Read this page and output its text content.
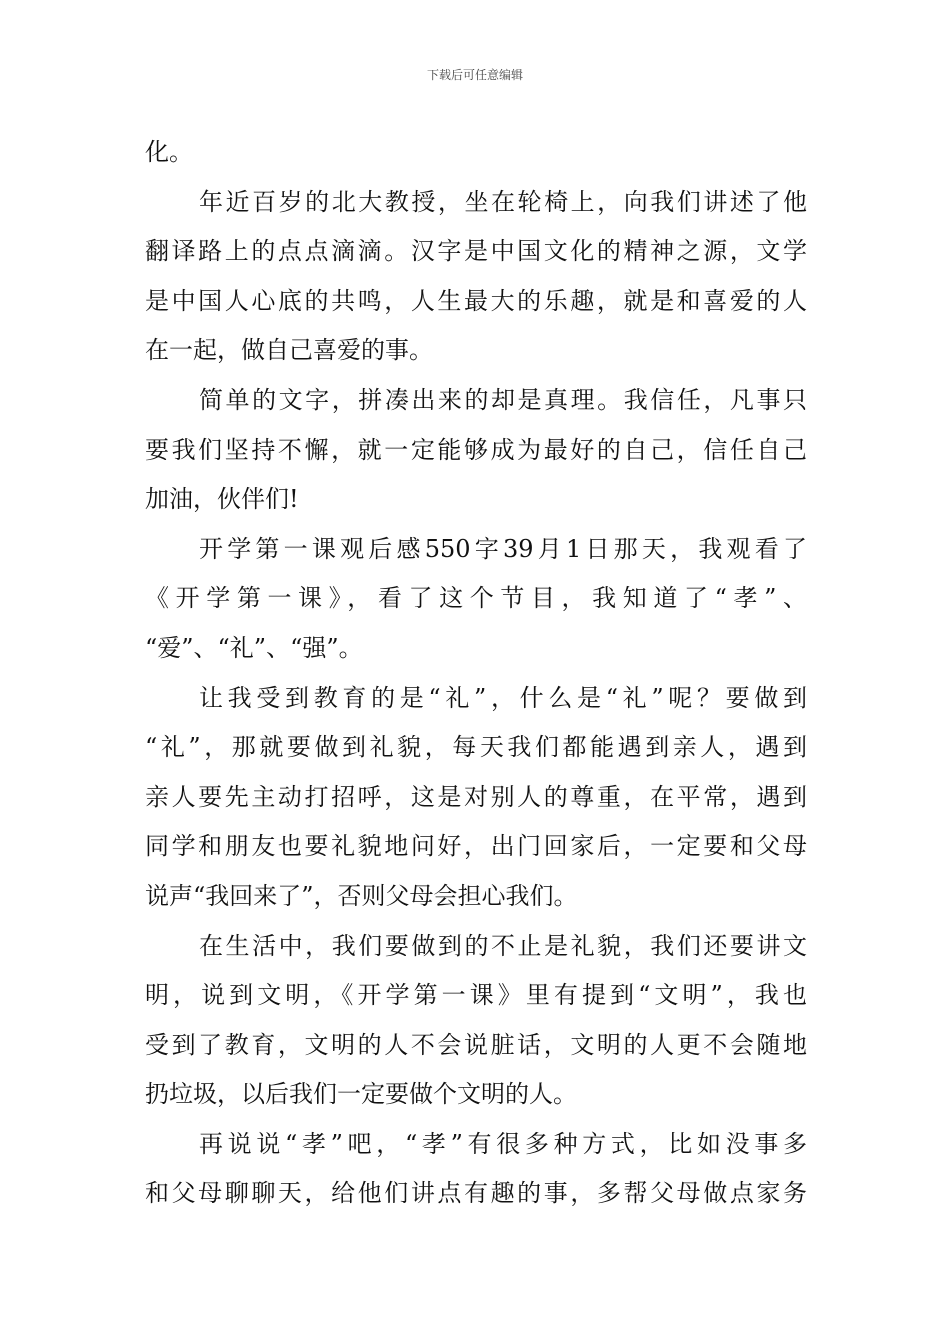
下载后可任意编辑
化。
年近百岁的北大教授，坐在轮椅上，向我们讲述了他
翻译路上的点点滴滴。汉字是中国文化的精神之源，文学
是中国人心底的共鸣，人生最大的乐趣，就是和喜爱的人
在一起，做自己喜爱的事。
简单的文字，拼凑出来的却是真理。我信任，凡事只
要我们坚持不懈，就一定能够成为最好的自己，信任自己
加油，伙伴们!
开学第一课观后感550字39月1日那天，我观看了
《开学第一课》，看了这个节目，我知道了“孝”、
“爱”、“礼”、“强”。
让我受到教育的是“礼”，什么是“礼”呢？要做到
“礼”，那就要做到礼貌，每天我们都能遇到亲人，遇到
亲人要先主动打招呼，这是对别人的尊重，在平常，遇到
同学和朋友也要礼貌地问好，出门回家后，一定要和父母
说声“我回来了”，否则父母会担心我们。
在生活中，我们要做到的不止是礼貌，我们还要讲文
明，说到文明，《开学第一课》里有提到“文明”，我也
受到了教育，文明的人不会说脏话，文明的人更不会随地
扔垃圾，以后我们一定要做个文明的人。
再说说“孝”吧，“孝”有很多种方式，比如没事多
和父母聊聊天，给他们讲点有趣的事，多帮父母做点家务
